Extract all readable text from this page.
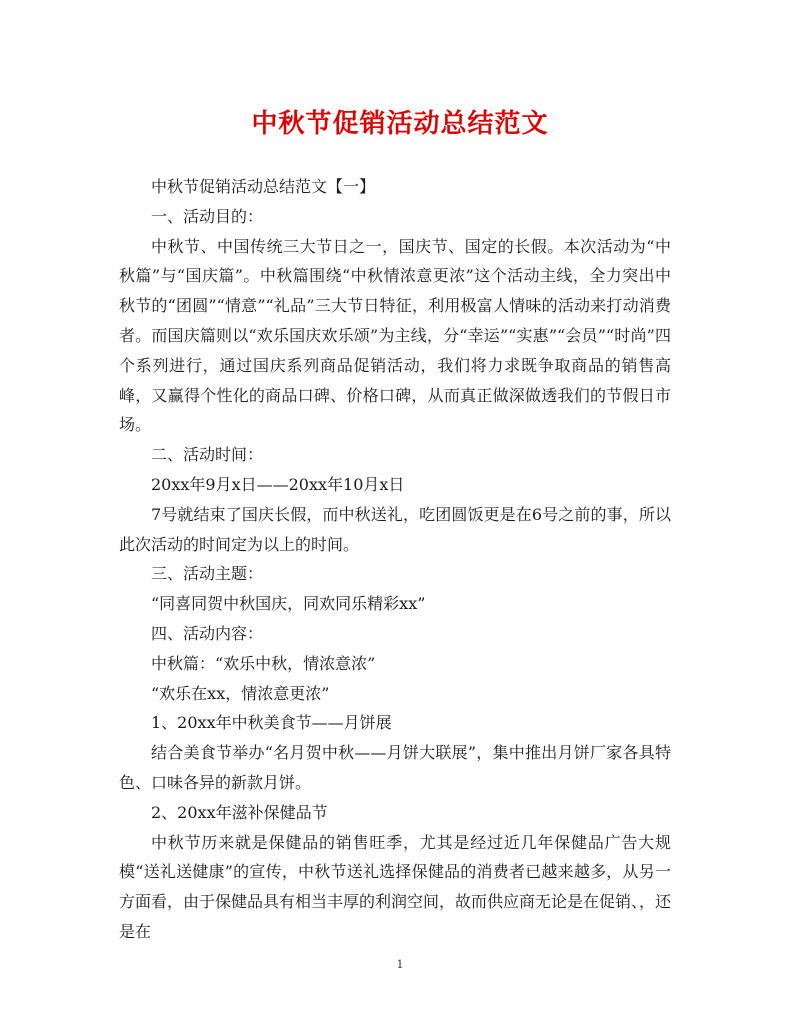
中秋节促销活动总结范文

中秋节促销活动总结范文【一】

一、活动目的：

中秋节、中国传统三大节日之一，国庆节、国定的长假。本次活动为“中秋篇”与“国庆篇”。中秋篇围绕“中秋情浓意更浓”这个活动主线，全力突出中秋节的“团圆”“情意”“礼品”三大节日特征，利用极富人情味的活动来打动消费者。而国庆篇则以“欢乐国庆欢乐颂”为主线，分“幸运”“实惠”“会员”“时尚”四个系列进行，通过国庆系列商品促销活动，我们将力求既争取商品的销售高峰，又赢得个性化的商品口碑、价格口碑，从而真正做深做透我们的节假日市场。

二、活动时间：

20xx年9月x日——20xx年10月x日

7号就结束了国庆长假，而中秋送礼，吃团圆饭更是在6号之前的事，所以此次活动的时间定为以上的时间。

三、活动主题：

“同喜同贺中秋国庆，同欢同乐精彩xx”

四、活动内容：

中秋篇：“欢乐中秋，情浓意浓”

“欢乐在xx，情浓意更浓”

1、20xx年中秋美食节——月饼展

结合美食节举办“名月贺中秋——月饼大联展”，集中推出月饼厂家各具特色、口味各异的新款月饼。

2、20xx年滋补保健品节

中秋节历来就是保健品的销售旺季，尤其是经过近几年保健品广告大规模“送礼送健康”的宣传，中秋节送礼选择保健品的消费者已越来越多，从另一方面看，由于保健品具有相当丰厚的利润空间，故而供应商无论是在促销、，还是在

1
